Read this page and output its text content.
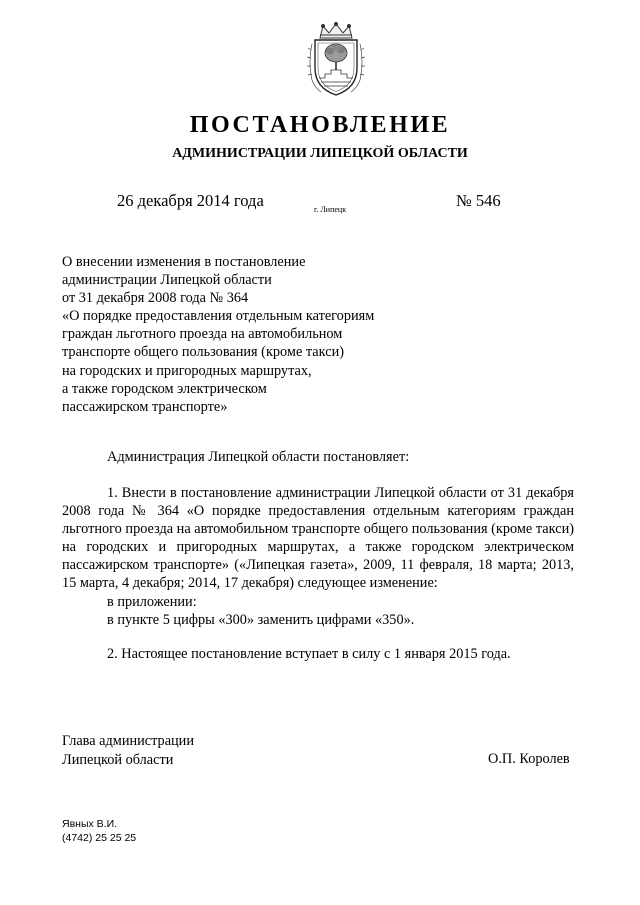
ПОСТАНОВЛЕНИЕ
АДМИНИСТРАЦИИ ЛИПЕЦКОЙ ОБЛАСТИ
26 декабря 2014 года	г. Липецк	№ 546
О внесении изменения в постановление
администрации Липецкой области
от 31 декабря 2008 года № 364
«О порядке предоставления отдельным категориям
граждан льготного проезда на автомобильном
транспорте общего пользования (кроме такси)
на городских и пригородных маршрутах,
а также городском электрическом
пассажирском транспорте»
Администрация Липецкой области постановляет:
1. Внести в постановление администрации Липецкой области от 31 декабря
2008 года № 364 «О порядке предоставления отдельным категориям граждан
льготного проезда на автомобильном транспорте общего пользования (кроме такси)
на городских и пригородных маршрутах, а также городском электрическом
пассажирском транспорте» («Липецкая газета», 2009, 11 февраля, 18 марта; 2013,
15 марта, 4 декабря; 2014, 17 декабря) следующее изменение:
в приложении:
в пункте 5 цифры «300» заменить цифрами «350».
2. Настоящее постановление вступает в силу с 1 января 2015 года.
Глава администрации
Липецкой области	О.П. Королев
Явных В.И.
(4742) 25 25 25
